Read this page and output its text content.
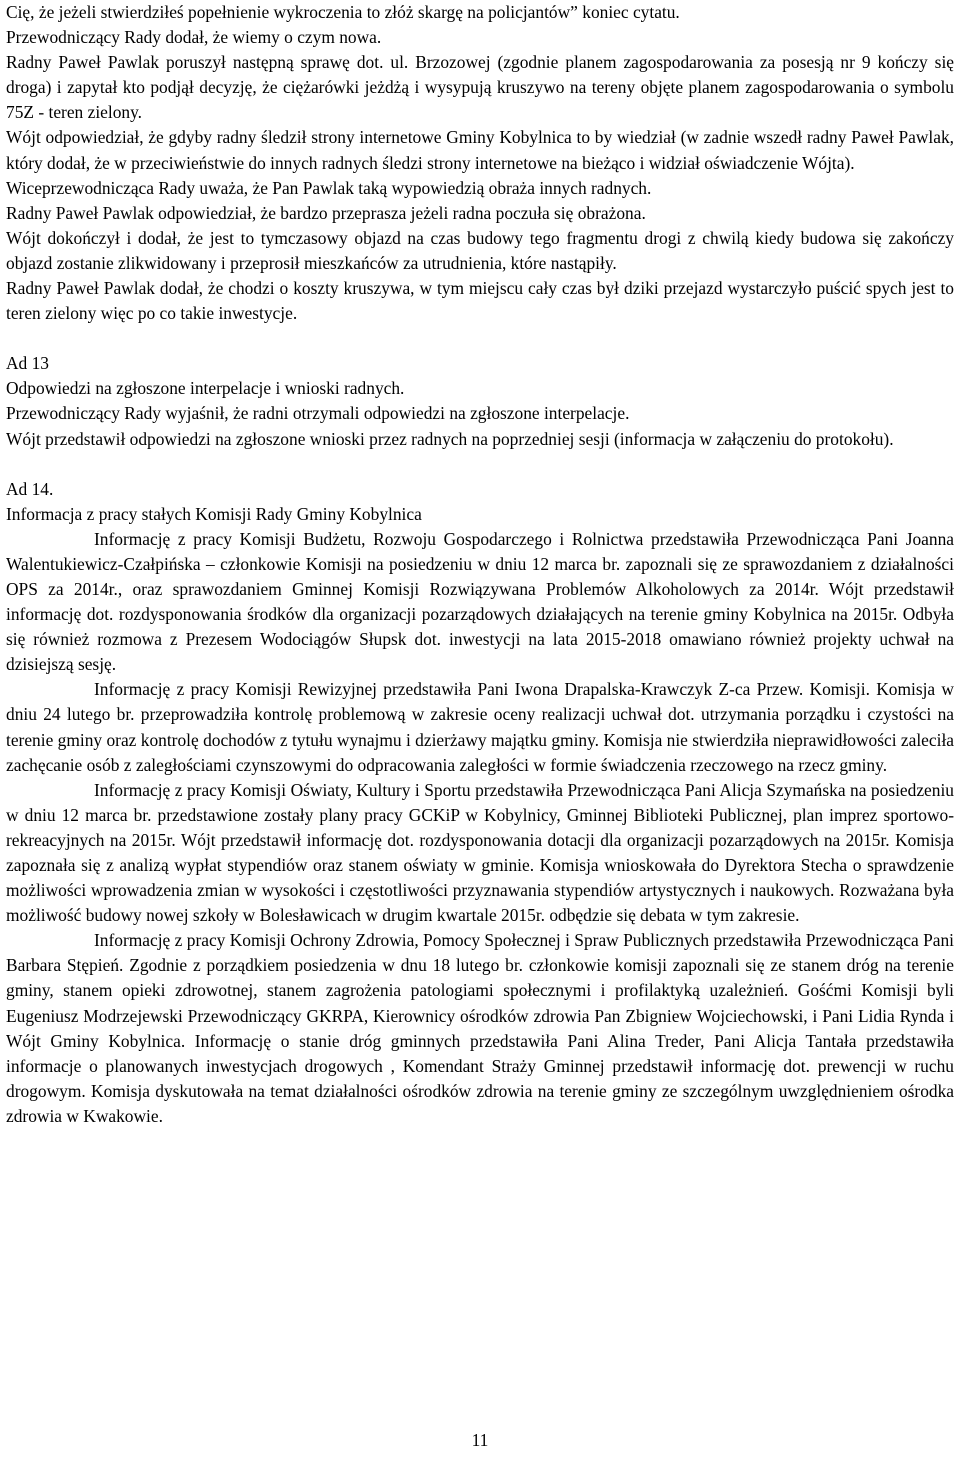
Cię, że jeżeli stwierdziłeś popełnienie wykroczenia to złóż skargę na policjantów” koniec cytatu.

Przewodniczący Rady dodał, że wiemy o czym nowa.

Radny Paweł Pawlak poruszył następną sprawę dot. ul. Brzozowej (zgodnie planem zagospodarowania za posesją nr 9 kończy się droga) i zapytał kto podjął decyzję, że ciężarówki jeżdżą i wysypują kruszywo na tereny objęte planem zagospodarowania o symbolu 75Z - teren zielony.

Wójt odpowiedział, że gdyby radny śledził strony internetowe Gminy Kobylnica to by wiedział (w zadnie wszedł radny Paweł Pawlak, który dodał, że w przeciwieństwie do innych radnych śledzi strony internetowe na bieżąco i widział oświadczenie Wójta).

Wiceprzewodnicząca Rady uważa, że Pan Pawlak taką wypowiedzią obraża innych radnych.

Radny Paweł Pawlak odpowiedział, że bardzo przeprasza jeżeli radna poczuła się obrażona.

Wójt dokończył i dodał, że jest to tymczasowy objazd na czas budowy tego fragmentu drogi z chwilą kiedy budowa się zakończy objazd zostanie zlikwidowany i przeprosił mieszkańców za utrudnienia, które nastąpiły.

Radny Paweł Pawlak dodał, że chodzi o koszty kruszywa, w tym miejscu cały czas był dziki przejazd wystarczyło puścić spych jest to teren zielony więc po co takie inwestycje.

Ad 13

Odpowiedzi na zgłoszone interpelacje i wnioski radnych.

Przewodniczący Rady wyjaśnił, że radni otrzymali odpowiedzi na zgłoszone interpelacje.

Wójt przedstawił odpowiedzi na zgłoszone wnioski przez radnych na poprzedniej sesji (informacja w załączeniu do protokołu).

Ad 14.

Informacja z pracy stałych Komisji Rady Gminy Kobylnica

Informację z pracy Komisji Budżetu, Rozwoju Gospodarczego i Rolnictwa przedstawiła Przewodnicząca Pani Joanna Walentukiewicz-Czałpińska – członkowie Komisji na posiedzeniu w dniu 12 marca br. zapoznali się ze sprawozdaniem z działalności OPS za 2014r., oraz sprawozdaniem Gminnej Komisji Rozwiązywana Problemów Alkoholowych za 2014r. Wójt przedstawił informację dot. rozdysponowania środków dla organizacji pozarządowych działających na terenie gminy Kobylnica na 2015r. Odbyła się również rozmowa z Prezesem Wodociągów Słupsk dot. inwestycji na lata 2015-2018 omawiano również projekty uchwał na dzisiejszą sesję.

Informację z pracy Komisji Rewizyjnej przedstawiła Pani Iwona Drapalska-Krawczyk Z-ca Przew. Komisji. Komisja w dniu 24 lutego br. przeprowadziła kontrolę problemową w zakresie oceny realizacji uchwał dot. utrzymania porządku i czystości na terenie gminy oraz kontrolę dochodów z tytułu wynajmu i dzierżawy majątku gminy. Komisja nie stwierdziła nieprawidłowości zaleciła zachęcanie osób z zaległościami czynszowymi do odpracowania zaległości w formie świadczenia rzeczowego na rzecz gminy.

Informację z pracy Komisji Oświaty, Kultury i Sportu przedstawiła Przewodnicząca Pani Alicja Szymańska na posiedzeniu w dniu 12 marca br. przedstawione zostały plany pracy GCKiP w Kobylnicy, Gminnej Biblioteki Publicznej, plan imprez sportowo-rekreacyjnych na 2015r. Wójt przedstawił informację dot. rozdysponowania dotacji dla organizacji pozarządowych na 2015r. Komisja zapoznała się z analizą wypłat stypendiów oraz stanem oświaty w gminie. Komisja wnioskowała do Dyrektora Stecha o sprawdzenie możliwości wprowadzenia zmian w wysokości i częstotliwości przyznawania stypendiów artystycznych i naukowych. Rozważana była możliwość budowy nowej szkoły w Bolesławicach w drugim kwartale 2015r. odbędzie się debata w tym zakresie.

Informację z pracy Komisji Ochrony Zdrowia, Pomocy Społecznej i Spraw Publicznych przedstawiła Przewodnicząca Pani Barbara Stępień. Zgodnie z porządkiem posiedzenia w dnu 18 lutego br. członkowie komisji zapoznali się ze stanem dróg na terenie gminy, stanem opieki zdrowotnej, stanem zagrożenia patologiami społecznymi i profilaktyką uzależnień. Gośćmi Komisji byli Eugeniusz Modrzejewski Przewodniczący GKRPA, Kierownicy ośrodków zdrowia Pan Zbigniew Wojciechowski, i Pani Lidia Rynda i Wójt Gminy Kobylnica. Informację o stanie dróg gminnych przedstawiła Pani Alina Treder, Pani Alicja Tantała przedstawiła informacje o planowanych inwestycjach drogowych , Komendant Straży Gminnej przedstawił informację dot. prewencji w ruchu drogowym. Komisja dyskutowała na temat działalności ośrodków zdrowia na terenie gminy ze szczególnym uwzględnieniem ośrodka zdrowia w Kwakowie.

11
